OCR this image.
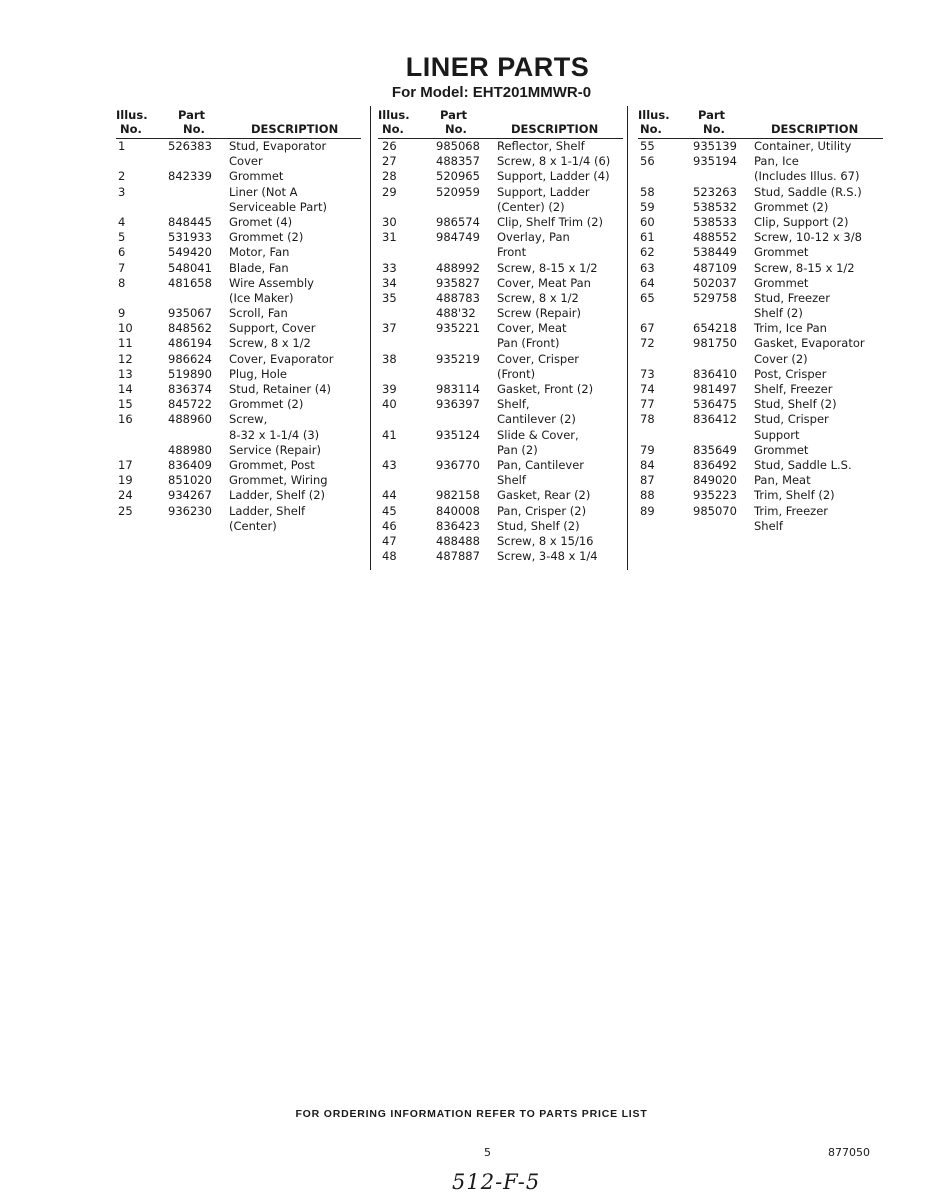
LINER PARTS
For Model: EHT201MMWR-0
Illus.
No.
Part
No.	DESCRIPTION
1	526383 Stud, Evaporator
Cover
2	842339 Grommet
3	Liner (Not A
Serviceable Part)
4	848445 Gromet (4)
5	531933 Grommet (2)
6	549420 Motor, Fan
7	548041 Blade, Fan
8	481658 Wire Assembly
(Ice Maker)
9	935067 Scroll, Fan
10	848562 Support, Cover
11	486194 Screw, 8 x 1/2
12	986624 Cover, Evaporator
13	519890 Plug, Hole
14	836374 Stud, Retainer (4)
15	845722 Grommet (2)
16	488960 Screw,
8-32 x 1-1/4 (3)
488980 Service (Repair)
17	836409 Grommet, Post
19	851020 Grommet, Wiring
24	934267 Ladder, Shelf (2)
25	936230 Ladder, Shelf
(Center)
Illus.
No.
Part
No.	DESCRIPTION
26	985068 Reflector, Shelf
27	488357 Screw, 8 x 1-1/4 (6)
28	520965 Support, Ladder (4)
29	520959 Support, Ladder
(Center) (2)
30	986574 Clip, Shelf Trim (2)
31	984749 Overlay, Pan
Front
33	488992 Screw, 8-15 x 1/2
34	935827 Cover, Meat Pan
35	488783 Screw, 8 x 1/2
488'32 Screw (Repair)
37	935221 Cover, Meat
Pan (Front)
38	935219 Cover, Crisper
(Front)
39	983114 Gasket, Front (2)
40	936397 Shelf,
Cantilever (2)
41	935124 Slide & Cover,
Pan (2)
43	936770 Pan, Cantilever
Shelf
44	982158 Gasket, Rear (2)
45	840008 Pan, Crisper (2)
46	836423 Stud, Shelf (2)
47	488488 Screw, 8 x 15/16
48	487887 Screw, 3-48 x 1/4
Illus.
No.
Part
No.	DESCRIPTION
55	935139 Container, Utility
56	935194 Pan, Ice
(Includes Illus. 67)
58	523263 Stud, Saddle (R.S.)
59	538532 Grommet (2)
60	538533 Clip, Support (2)
61	488552 Screw, 10-12 x 3/8
62	538449 Grommet
63	487109 Screw, 8-15 x 1/2
64	502037 Grommet
65	529758 Stud, Freezer
Shelf (2)
67	654218 Trim, Ice Pan
72	981750 Gasket, Evaporator
Cover (2)
73	836410 Post, Crisper
74	981497 Shelf, Freezer
77	536475 Stud, Shelf (2)
78	836412 Stud, Crisper
Support
79	835649 Grommet
84	836492 Stud, Saddle L.S.
87	849020 Pan, Meat
88	935223 Trim, Shelf (2)
89	985070 Trim, Freezer
Shelf
FOR ORDERING INFORMATION REFER TO PARTS PRICE LIST
5	877050
512-F-5
